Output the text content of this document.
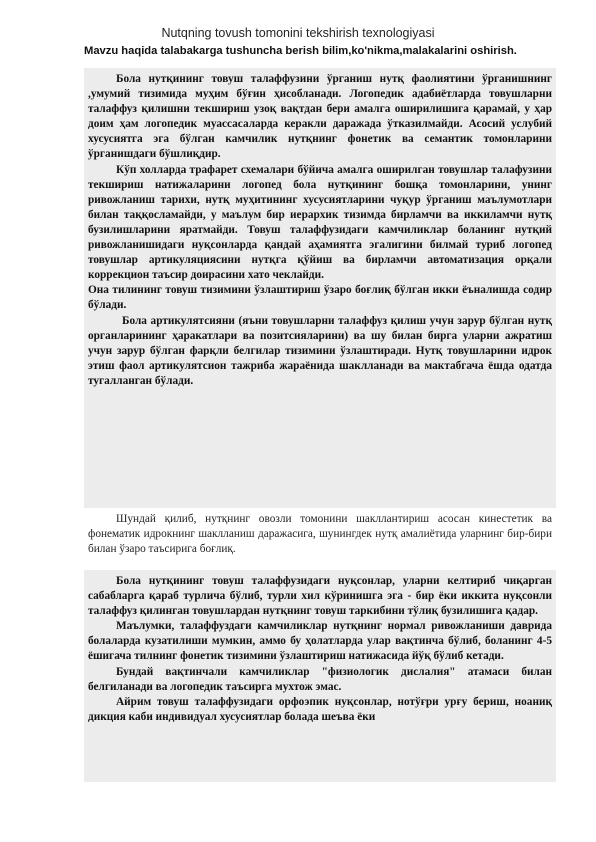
Nutqning tovush tomonini tekshirish texnologiyasi
Mavzu haqida talabakarga tushuncha berish bilim,ko'nikma,malakalarini oshirish.

Бола нутқининг товуш талаффузини ўрганиш нутқ фаолиятини ўрганишнинг ,умумий тизимида муҳим бўғин ҳисобланади. Логопедик адабиётларда товушларни талаффуз қилишни текшириш узоқ вақтдан бери амалга оширилишига қарамай, у ҳар доим ҳам логопедик муассасаларда керакли даражада ўтказилмайди. Асосий услубий хусусиятга эга бўлган камчилик нутқнинг фонетик ва семантик томонларини ўрганишдаги бўшлиқдир.

Кўп холларда трафарет схемалари бўйича амалга оширилган товушлар талафузини текшириш натижаларини логопед бола нутқининг бошқа томонларини, унинг ривожланиш тарихи, нутқ муҳитининг хусусиятларини чуқур ўрганиш маълумотлари билан таққосламайди, у маълум бир иерархик тизимда бирламчи ва иккиламчи нутқ бузилишларини яратмайди. Товуш талаффузидаги камчиликлар боланинг нутқий ривожланишидаги нуқсонларда қандай аҳамиятга эгалигини билмай туриб логопед товушлар артикуляциясини нутқга қўйиш ва бирламчи автоматизация орқали коррекцион таъсир доирасини хато чеклайди.

Она тилининг товуш тизимини ўзлаштириш ўзаро боғлиқ бўлган икки ёъналишда содир бўлади.

Бола артикулятсияни (яъни товушларни талаффуз қилиш учун зарур бўлган нутқ органларининг ҳаракатлари ва позитсияларини) ва шу билан бирга уларни ажратиш учун зарур бўлган фарқли белгилар тизимини ўзлаштиради. Нутқ товушларини идрок этиш фаол артикулятсион тажриба жараёнида шаклланади ва мактабгача ёшда одатда тугалланган бўлади.

Шундай қилиб, нутқнинг овозли томонини шакллантириш асосан кинестетик ва фонематик идрокнинг шаклланиш даражасига, шунингдек нутқ амалиётида уларнинг бир-бири билан ўзаро таъсирига боғлиқ.

Бола нутқининг товуш талаффузидаги нуқсонлар, уларни келтириб чиқарган сабабларга қараб турлича бўлиб, турли хил кўринишга эга - бир ёки иккита нуқсонли талаффуз қилинган товушлардан нутқнинг товуш таркибини тўлиқ бузилишига қадар.

Маълумки, талаффуздаги камчиликлар нутқнинг нормал ривожланиши даврида болаларда кузатилиши мумкин, аммо бу ҳолатларда улар вақтинча бўлиб, боланинг 4-5 ёшигача тилнинг фонетик тизимини ўзлаштириш натижасида йўқ бўлиб кетади.

Бундай вақтинчали камчиликлар "физиологик дислалия" атамаси билан белгиланади ва логопедик таъсирга мухтож эмас.

Айрим товуш талаффузидаги орфоэпик нуқсонлар, нотўғри урғу бериш, ноаниқ дикция каби индивидуал хусусиятлар болада шеъва ёки
